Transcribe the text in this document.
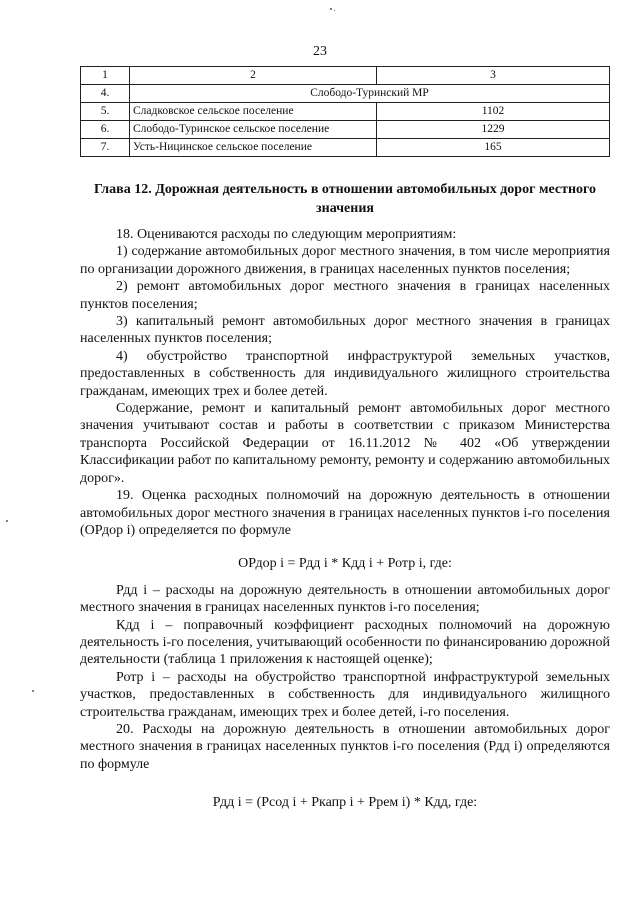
23
1	2	3
4.	Слободо-Туринский МР	
5.	Сладковское сельское поселение	1102
6.	Слободо-Туринское сельское поселение	1229
7.	Усть-Ницинское сельское поселение	165
Глава 12. Дорожная деятельность в отношении автомобильных дорог местного значения

18. Оцениваются расходы по следующим мероприятиям:

1) содержание автомобильных дорог местного значения, в том числе мероприятия по организации дорожного движения, в границах населенных пунктов поселения;

2) ремонт автомобильных дорог местного значения в границах населенных пунктов поселения;

3) капитальный ремонт автомобильных дорог местного значения в границах населенных пунктов поселения;

4) обустройство транспортной инфраструктурой земельных участков, предоставленных в собственность для индивидуального жилищного строительства гражданам, имеющих трех и более детей.

Содержание, ремонт и капитальный ремонт автомобильных дорог местного значения учитывают состав и работы в соответствии с приказом Министерства транспорта Российской Федерации от 16.11.2012 № 402 «Об утверждении Классификации работ по капитальному ремонту, ремонту и содержанию автомобильных дорог».

19. Оценка расходных полномочий на дорожную деятельность в отношении автомобильных дорог местного значения в границах населенных пунктов i-го поселения (ОРдор i) определяется по формуле

ОРдор i = Рдд i * Кдд i + Ротр i, где:

Рдд i – расходы на дорожную деятельность в отношении автомобильных дорог местного значения в границах населенных пунктов i-го поселения;

Кдд i – поправочный коэффициент расходных полномочий на дорожную деятельность i-го поселения, учитывающий особенности по финансированию дорожной деятельности (таблица 1 приложения к настоящей оценке);

Ротр i – расходы на обустройство транспортной инфраструктурой земельных участков, предоставленных в собственность для индивидуального жилищного строительства гражданам, имеющих трех и более детей, i-го поселения.

20. Расходы на дорожную деятельность в отношении автомобильных дорог местного значения в границах населенных пунктов i-го поселения (Рдд i) определяются по формуле

Рдд i = (Рсод i + Ркапр i + Ррем i) * Кдд, где:
